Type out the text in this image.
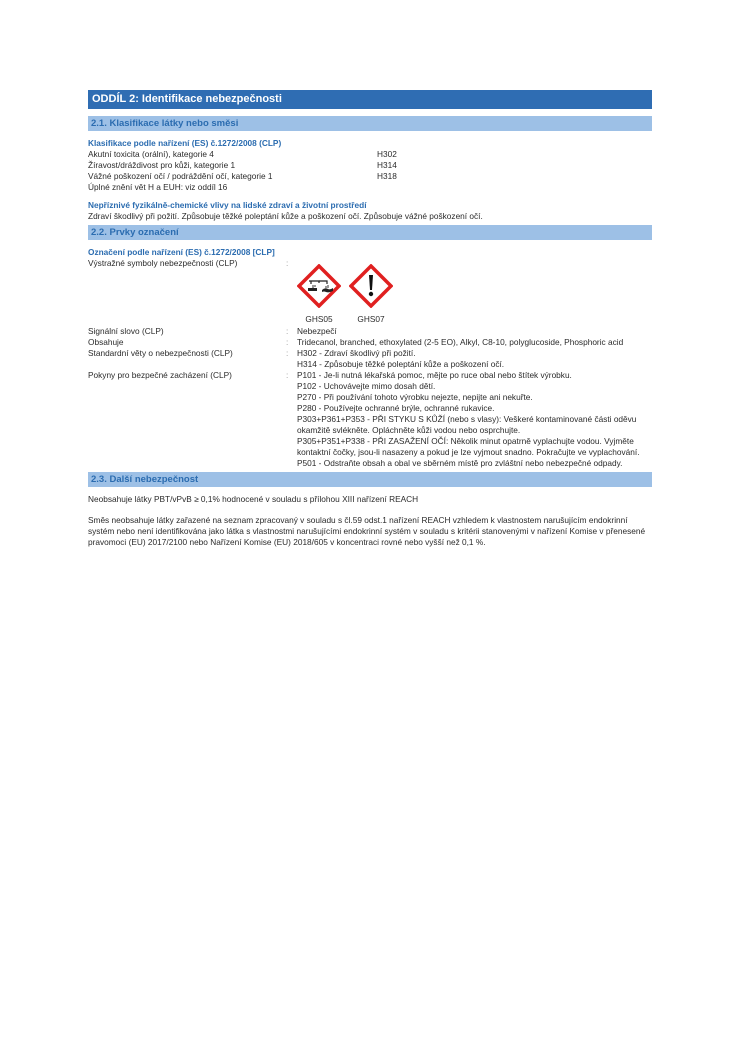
ODDÍL 2: Identifikace nebezpečnosti
2.1. Klasifikace látky nebo směsi
Klasifikace podle nařízení (ES) č.1272/2008 (CLP)
Akutní toxicita (orální), kategorie 4	H302
Žíravost/dráždivost pro kůži, kategorie 1	H314
Vážné poškození očí / podráždění očí, kategorie 1	H318
Úplné znění vět H a EUH: viz oddíl 16
Nepříznivé fyzikálně-chemické vlivy na lidské zdraví a životní prostředí
Zdraví škodlivý při požití. Způsobuje těžké poleptání kůže a poškození očí. Způsobuje vážné poškození očí.
2.2. Prvky označení
Označení podle nařízení (ES) č.1272/2008 [CLP]
Výstražné symboly nebezpečnosti (CLP)	:
GHS05	GHS07
Signální slovo (CLP)	:	Nebezpečí
Obsahuje	:	Tridecanol, branched, ethoxylated (2-5 EO), Alkyl, C8-10, polyglucoside, Phosphoric acid
Standardní věty o nebezpečnosti (CLP)	:	H302 - Zdraví škodlivý při požití.
H314 - Způsobuje těžké poleptání kůže a poškození očí.
Pokyny pro bezpečné zacházení (CLP)	:	P101 - Je-li nutná lékařská pomoc, mějte po ruce obal nebo štítek výrobku.
P102 - Uchovávejte mimo dosah dětí.
P270 - Při používání tohoto výrobku nejezte, nepijte ani nekuřte.
P280 - Používejte ochranné brýle, ochranné rukavice.
P303+P361+P353 - PŘI STYKU S KŮŽÍ (nebo s vlasy): Veškeré kontaminované části oděvu okamžitě svlékněte. Opláchněte kůži vodou nebo osprchujte.
P305+P351+P338 - PŘI ZASAŽENÍ OČÍ: Několik minut opatrně vyplachujte vodou. Vyjměte kontaktní čočky, jsou-li nasazeny a pokud je lze vyjmout snadno. Pokračujte ve vyplachování.
P501 - Odstraňte obsah a obal ve sběrném místě pro zvláštní nebo nebezpečné odpady.
2.3. Další nebezpečnost
Neobsahuje látky PBT/vPvB ≥ 0,1% hodnocené v souladu s přílohou XIII nařízení REACH
Směs neobsahuje látky zařazené na seznam zpracovaný v souladu s čl.59 odst.1 nařízení REACH vzhledem k vlastnostem narušujícím endokrinní systém nebo není identifikována jako látka s vlastnostmi narušujícími endokrinní systém v souladu s kritérii stanovenými v nařízení Komise v přenesené pravomoci (EU) 2017/2100 nebo Nařízení Komise (EU) 2018/605 v koncentraci rovné nebo vyšší než 0,1 %.
